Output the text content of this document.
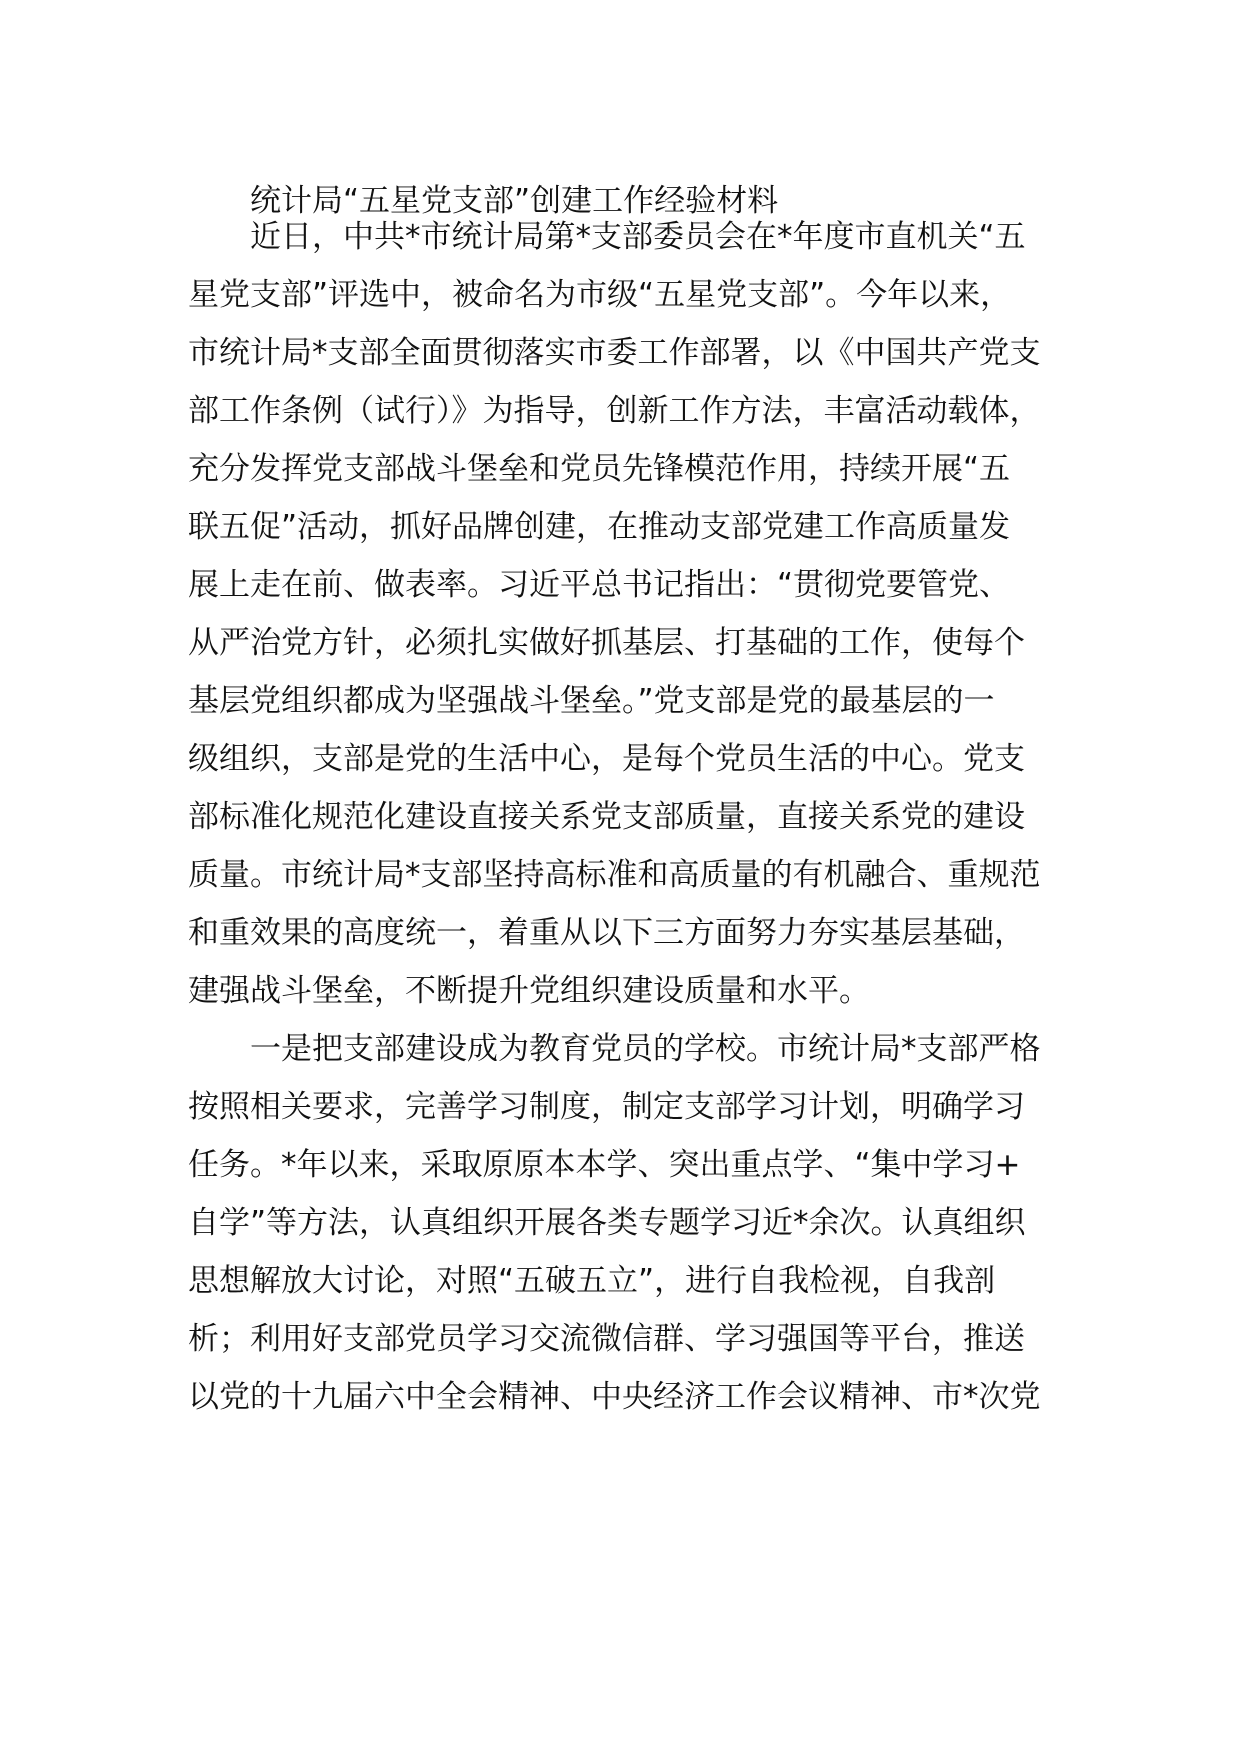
统计局“五星党支部”创建工作经验材料
近日，中共*市统计局第*支部委员会在*年度市直机关“五
星党支部”评选中，被命名为市级“五星党支部”。今年以来，
市统计局*支部全面贯彻落实市委工作部署，以《中国共产党支
部工作条例（试行）》为指导，创新工作方法，丰富活动载体，
充分发挥党支部战斗堡垒和党员先锋模范作用，持续开展“五
联五促”活动，抓好品牌创建，在推动支部党建工作高质量发
展上走在前、做表率。习近平总书记指出：“贯彻党要管党、
从严治党方针，必须扎实做好抓基层、打基础的工作，使每个
基层党组织都成为坚强战斗堡垒。”党支部是党的最基层的一
级组织，支部是党的生活中心，是每个党员生活的中心。党支
部标准化规范化建设直接关系党支部质量，直接关系党的建设
质量。市统计局*支部坚持高标准和高质量的有机融合、重规范
和重效果的高度统一，着重从以下三方面努力夯实基层基础，
建强战斗堡垒，不断提升党组织建设质量和水平。
一是把支部建设成为教育党员的学校。市统计局*支部严格
按照相关要求，完善学习制度，制定支部学习计划，明确学习
任务。*年以来，采取原原本本学、突出重点学、“集中学习+
自学”等方法，认真组织开展各类专题学习近*余次。认真组织
思想解放大讨论，对照“五破五立”，进行自我检视，自我剖
析；利用好支部党员学习交流微信群、学习强国等平台，推送
以党的十九届六中全会精神、中央经济工作会议精神、市*次党
